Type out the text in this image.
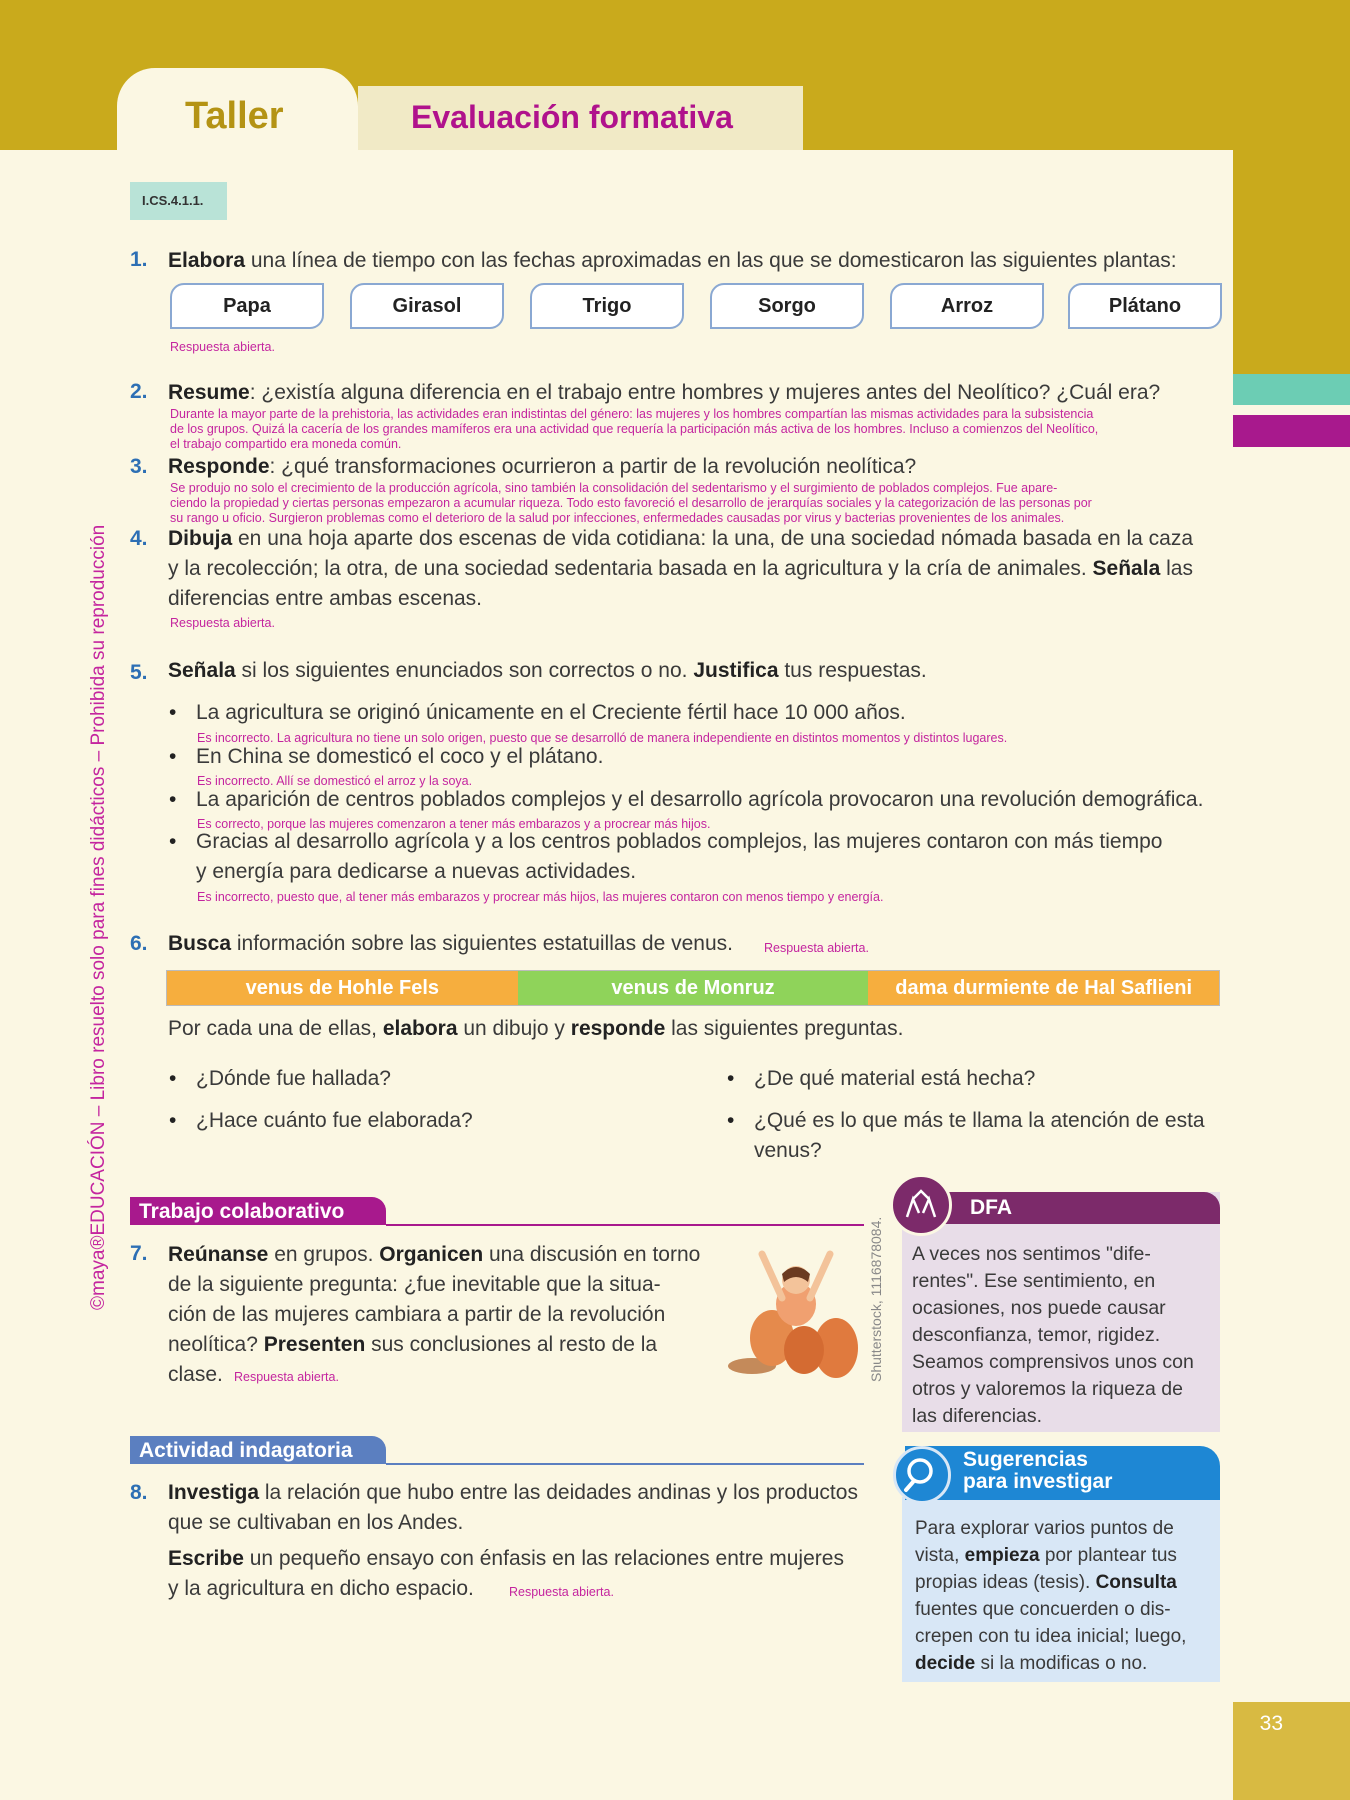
Taller	Evaluación formativa
I.CS.4.1.1.
1. Elabora una línea de tiempo con las fechas aproximadas en las que se domesticaron las siguientes plantas:
Papa	Girasol	Trigo	Sorgo	Arroz	Plátano
Respuesta abierta.
2. Resume: ¿existía alguna diferencia en el trabajo entre hombres y mujeres antes del Neolítico? ¿Cuál era?
Durante la mayor parte de la prehistoria, las actividades eran indistintas del género: las mujeres y los hombres compartían las mismas actividades para la subsistencia
de los grupos. Quizá la cacería de los grandes mamíferos era una actividad que requería la participación más activa de los hombres. Incluso a comienzos del Neolítico,
el trabajo compartido era moneda común.
3. Responde: ¿qué transformaciones ocurrieron a partir de la revolución neolítica?
Se produjo no solo el crecimiento de la producción agrícola, sino también la consolidación del sedentarismo y el surgimiento de poblados complejos. Fue apare-
ciendo la propiedad y ciertas personas empezaron a acumular riqueza. Todo esto favoreció el desarrollo de jerarquías sociales y la categorización de las personas por
su rango u oficio. Surgieron problemas como el deterioro de la salud por infecciones, enfermedades causadas por virus y bacterias provenientes de los animales.
4. Dibuja en una hoja aparte dos escenas de vida cotidiana: la una, de una sociedad nómada basada en la caza
y la recolección; la otra, de una sociedad sedentaria basada en la agricultura y la cría de animales. Señala las
diferencias entre ambas escenas.
Respuesta abierta.
5. Señala si los siguientes enunciados son correctos o no. Justifica tus respuestas.
• La agricultura se originó únicamente en el Creciente fértil hace 10 000 años.
Es incorrecto. La agricultura no tiene un solo origen, puesto que se desarrolló de manera independiente en distintos momentos y distintos lugares.
• En China se domesticó el coco y el plátano.
Es incorrecto. Allí se domesticó el arroz y la soya.
• La aparición de centros poblados complejos y el desarrollo agrícola provocaron una revolución demográfica.
Es correcto, porque las mujeres comenzaron a tener más embarazos y a procrear más hijos.
• Gracias al desarrollo agrícola y a los centros poblados complejos, las mujeres contaron con más tiempo
y energía para dedicarse a nuevas actividades.
Es incorrecto, puesto que, al tener más embarazos y procrear más hijos, las mujeres contaron con menos tiempo y energía.
6. Busca información sobre las siguientes estatuillas de venus. Respuesta abierta.
venus de Hohle Fels	venus de Monruz	dama durmiente de Hal Saflieni
Por cada una de ellas, elabora un dibujo y responde las siguientes preguntas.
• ¿Dónde fue hallada?
• ¿Hace cuánto fue elaborada?
• ¿De qué material está hecha?
• ¿Qué es lo que más te llama la atención de esta
venus?
Trabajo colaborativo
7. Reúnanse en grupos. Organicen una discusión en torno
de la siguiente pregunta: ¿fue inevitable que la situa-
ción de las mujeres cambiara a partir de la revolución
neolítica? Presenten sus conclusiones al resto de la
clase. Respuesta abierta.	Shutterstock, 1116878084.
DFA
A veces nos sentimos "dife-
rentes". Ese sentimiento, en
ocasiones, nos puede causar
desconfianza, temor, rigidez.
Seamos comprensivos unos con
otros y valoremos la riqueza de
las diferencias.
Actividad indagatoria
8. Investiga la relación que hubo entre las deidades andinas y los productos
que se cultivaban en los Andes.
Escribe un pequeño ensayo con énfasis en las relaciones entre mujeres
y la agricultura en dicho espacio.	Respuesta abierta.
Sugerencias
para investigar
Para explorar varios puntos de
vista, empieza por plantear tus
propias ideas (tesis). Consulta
fuentes que concuerden o dis-
crepen con tu idea inicial; luego,
decide si la modificas o no.
©maya®EDUCACIÓN – Libro resuelto solo para fines didácticos – Prohibida su reproducción
33
